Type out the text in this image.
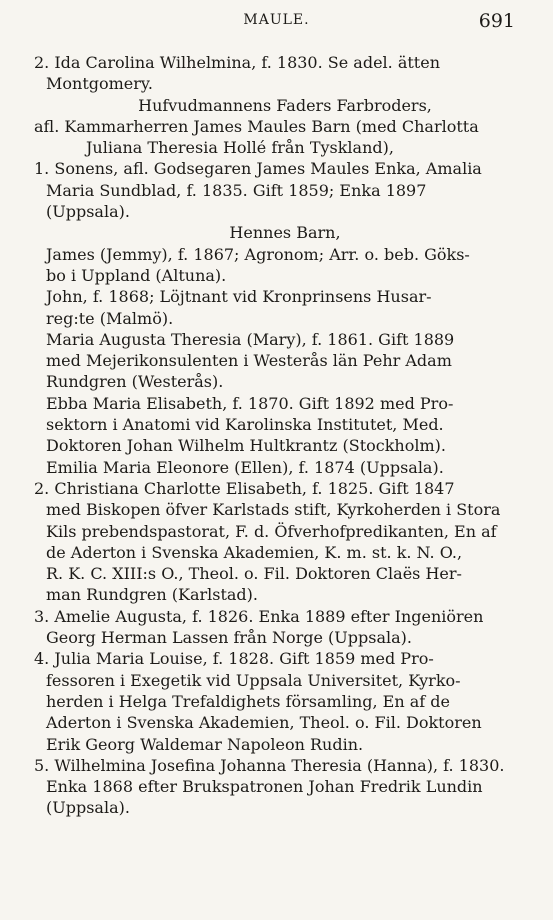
MAULE.	691
2. Ida Carolina Wilhelmina, f. 1830. Se adel. ätten
Montgomery.
Hufvudmannens Faders Farbroders,
afl. Kammarherren James Maules Barn (med Charlotta
Juliana Theresia Hollé från Tyskland),
1. Sonens, afl. Godsegaren James Maules Enka, Amalia
Maria Sundblad, f. 1835. Gift 1859; Enka 1897
(Uppsala).
Hennes Barn,
James (Jemmy), f. 1867; Agronom; Arr. o. beb. Göks-
bo i Uppland (Altuna).
John, f. 1868; Löjtnant vid Kronprinsens Husar-
reg:te (Malmö).
Maria Augusta Theresia (Mary), f. 1861. Gift 1889
med Mejerikonsulenten i Westerås län Pehr Adam
Rundgren (Westerås).
Ebba Maria Elisabeth, f. 1870. Gift 1892 med Pro-
sektorn i Anatomi vid Karolinska Institutet, Med.
Doktoren Johan Wilhelm Hultkrantz (Stockholm).
Emilia Maria Eleonore (Ellen), f. 1874 (Uppsala).
2. Christiana Charlotte Elisabeth, f. 1825. Gift 1847
med Biskopen öfver Karlstads stift, Kyrkoherden i Stora
Kils prebendspastorat, F. d. Öfverhofpredikanten, En af
de Aderton i Svenska Akademien, K. m. st. k. N. O.,
R. K. C. XIII:s O., Theol. o. Fil. Doktoren Claës Her-
man Rundgren (Karlstad).
3. Amelie Augusta, f. 1826. Enka 1889 efter Ingeniören
Georg Herman Lassen från Norge (Uppsala).
4. Julia Maria Louise, f. 1828. Gift 1859 med Pro-
fessoren i Exegetik vid Uppsala Universitet, Kyrko-
herden i Helga Trefaldighets församling, En af de
Aderton i Svenska Akademien, Theol. o. Fil. Doktoren
Erik Georg Waldemar Napoleon Rudin.
5. Wilhelmina Josefina Johanna Theresia (Hanna), f. 1830.
Enka 1868 efter Brukspatronen Johan Fredrik Lundin
(Uppsala).
